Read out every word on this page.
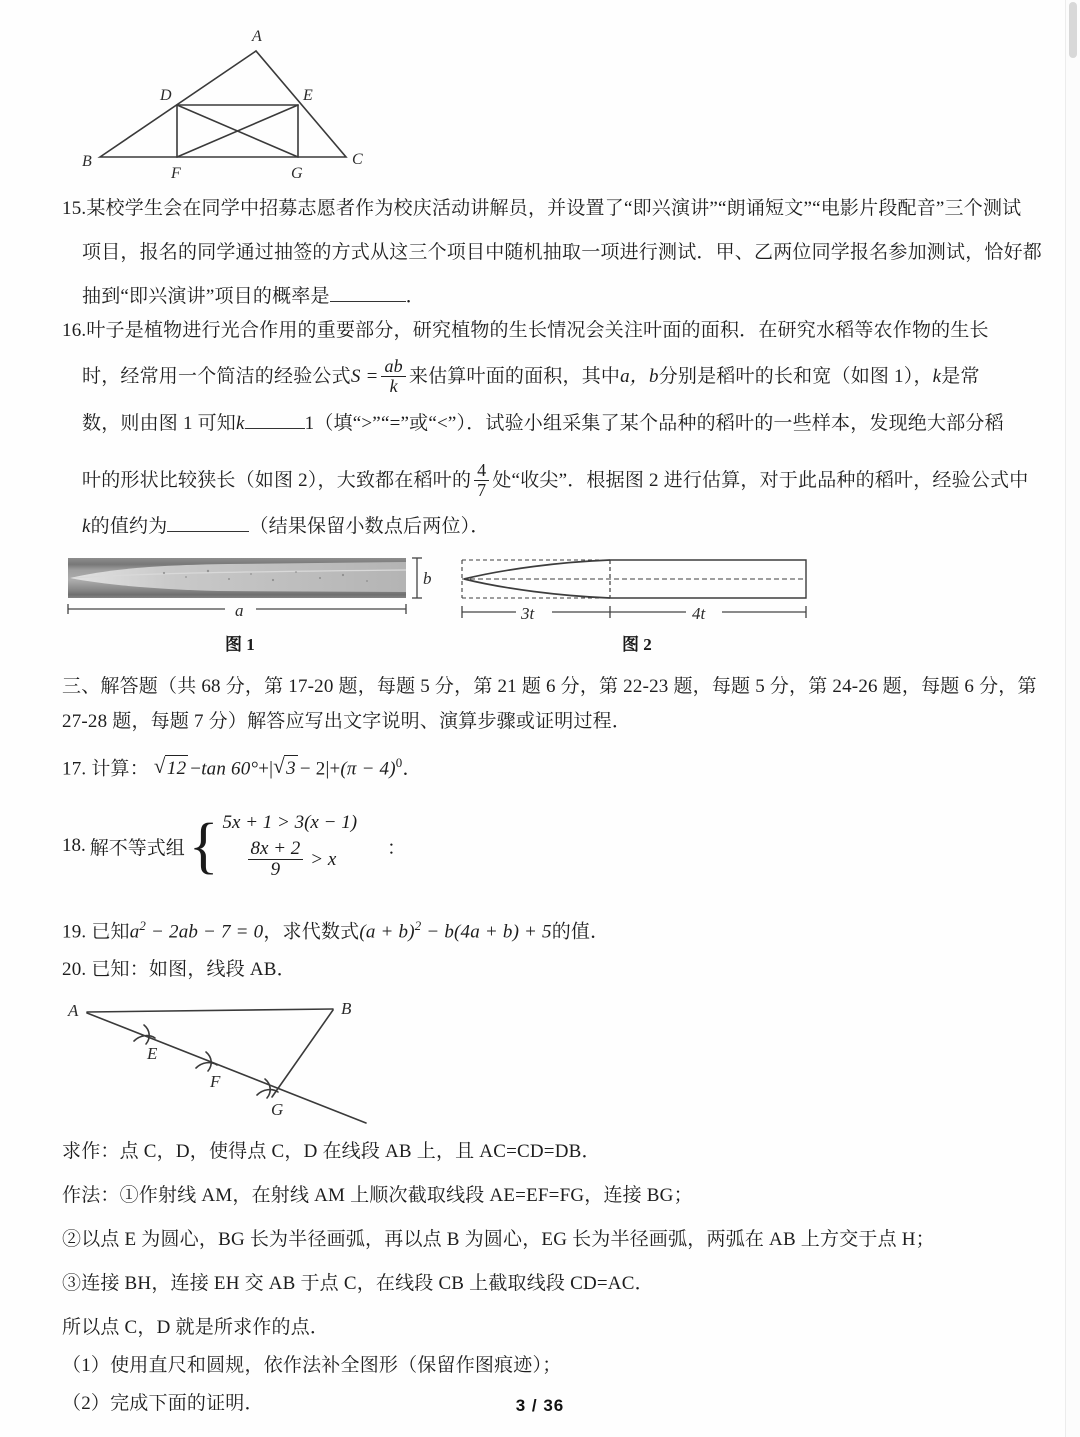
A
B	C
D	E
F	G
15.某校学生会在同学中招募志愿者作为校庆活动讲解员，并设置了“即兴演讲”“朗诵短文”“电影片段配音”三个测试
项目，报名的同学通过抽签的方式从这三个项目中随机抽取一项进行测试．甲、乙两位同学报名参加测试，恰好都
抽到“即兴演讲”项目的概率是	．
16.叶子是植物进行光合作用的重要部分，研究植物的生长情况会关注叶面的面积．在研究水稻等农作物的生长
时，经常用一个简洁的经验公式$S = \frac{ab}{k}$ 来估算叶面的面积，其中a，b分别是稻叶的长和宽（如图 1），k是常
数，则由图 1 可知k	1（填“>”“=”或“<”）．试验小组采集了某个品种的稻叶的一些样本，发现绝大部分稻
叶的形状比较狭长（如图 2），大致都在稻叶的 $\frac{4}{7}$ 处“收尖”．根据图 2 进行估算，对于此品种的稻叶，经验公式中
k的值约为	（结果保留小数点后两位）．
a
b
图 1
3t	4t
图 2
三、解答题（共 68 分，第 17-20 题，每题 5 分，第 21 题 6 分，第 22-23 题，每题 5 分，第 24-26 题，每题 6 分，第
27-28 题，每题 7 分）解答应写出文字说明、演算步骤或证明过程．
17. 计算： √ 12 −tan 60°+| √ $3 - 2|+(\pi - 4)^0$．
18. 解不等式组 { 5x + 1 > 3(x − 1)
$\frac{8x + 2}{9} > x$
：
19. 已知$a^2 - 2ab - 7 = 0$，求代数式$(a + b)^2 - b(4a + b) + 5$的值．
20. 已知：如图，线段 AB．
A	B
E
F
G
求作：点 C，D，使得点 C，D 在线段 AB 上，且 AC=CD=DB．
作法：①作射线 AM，在射线 AM 上顺次截取线段 AE=EF=FG，连接 BG；
②以点 E 为圆心，BG 长为半径画弧，再以点 B 为圆心，EG 长为半径画弧，两弧在 AB 上方交于点 H；
③连接 BH，连接 EH 交 AB 于点 C，在线段 CB 上截取线段 CD=AC．
所以点 C，D 就是所求作的点．
（1）使用直尺和圆规，依作法补全图形（保留作图痕迹）；
（2）完成下面的证明．	3 / 36
